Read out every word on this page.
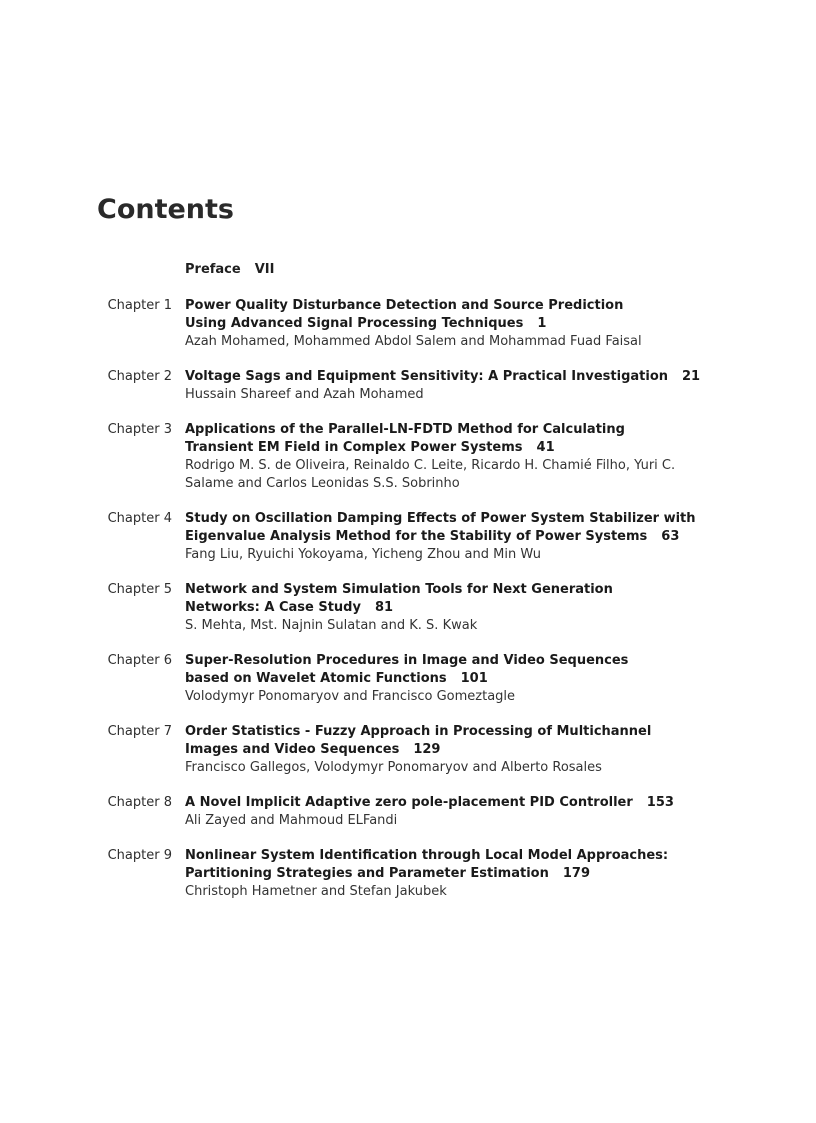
Contents
Preface VII
Chapter 1 Power Quality Disturbance Detection and Source Prediction
Using Advanced Signal Processing Techniques 1
Azah Mohamed, Mohammed Abdol Salem and Mohammad Fuad Faisal
Chapter 2 Voltage Sags and Equipment Sensitivity: A Practical Investigation 21
Hussain Shareef and Azah Mohamed
Chapter 3 Applications of the Parallel-LN-FDTD Method for Calculating
Transient EM Field in Complex Power Systems 41
Rodrigo M. S. de Oliveira, Reinaldo C. Leite, Ricardo H. Chamié Filho, Yuri C.
Salame and Carlos Leonidas S.S. Sobrinho
Chapter 4 Study on Oscillation Damping Effects of Power System Stabilizer with
Eigenvalue Analysis Method for the Stability of Power Systems 63
Fang Liu, Ryuichi Yokoyama, Yicheng Zhou and Min Wu
Chapter 5 Network and System Simulation Tools for Next Generation
Networks: A Case Study 81
S. Mehta, Mst. Najnin Sulatan and K. S. Kwak
Chapter 6 Super-Resolution Procedures in Image and Video Sequences
based on Wavelet Atomic Functions 101
Volodymyr Ponomaryov and Francisco Gomeztagle
Chapter 7 Order Statistics - Fuzzy Approach in Processing of Multichannel
Images and Video Sequences 129
Francisco Gallegos, Volodymyr Ponomaryov and Alberto Rosales
Chapter 8 A Novel Implicit Adaptive zero pole-placement PID Controller 153
Ali Zayed and Mahmoud ELFandi
Chapter 9 Nonlinear System Identification through Local Model Approaches:
Partitioning Strategies and Parameter Estimation 179
Christoph Hametner and Stefan Jakubek
